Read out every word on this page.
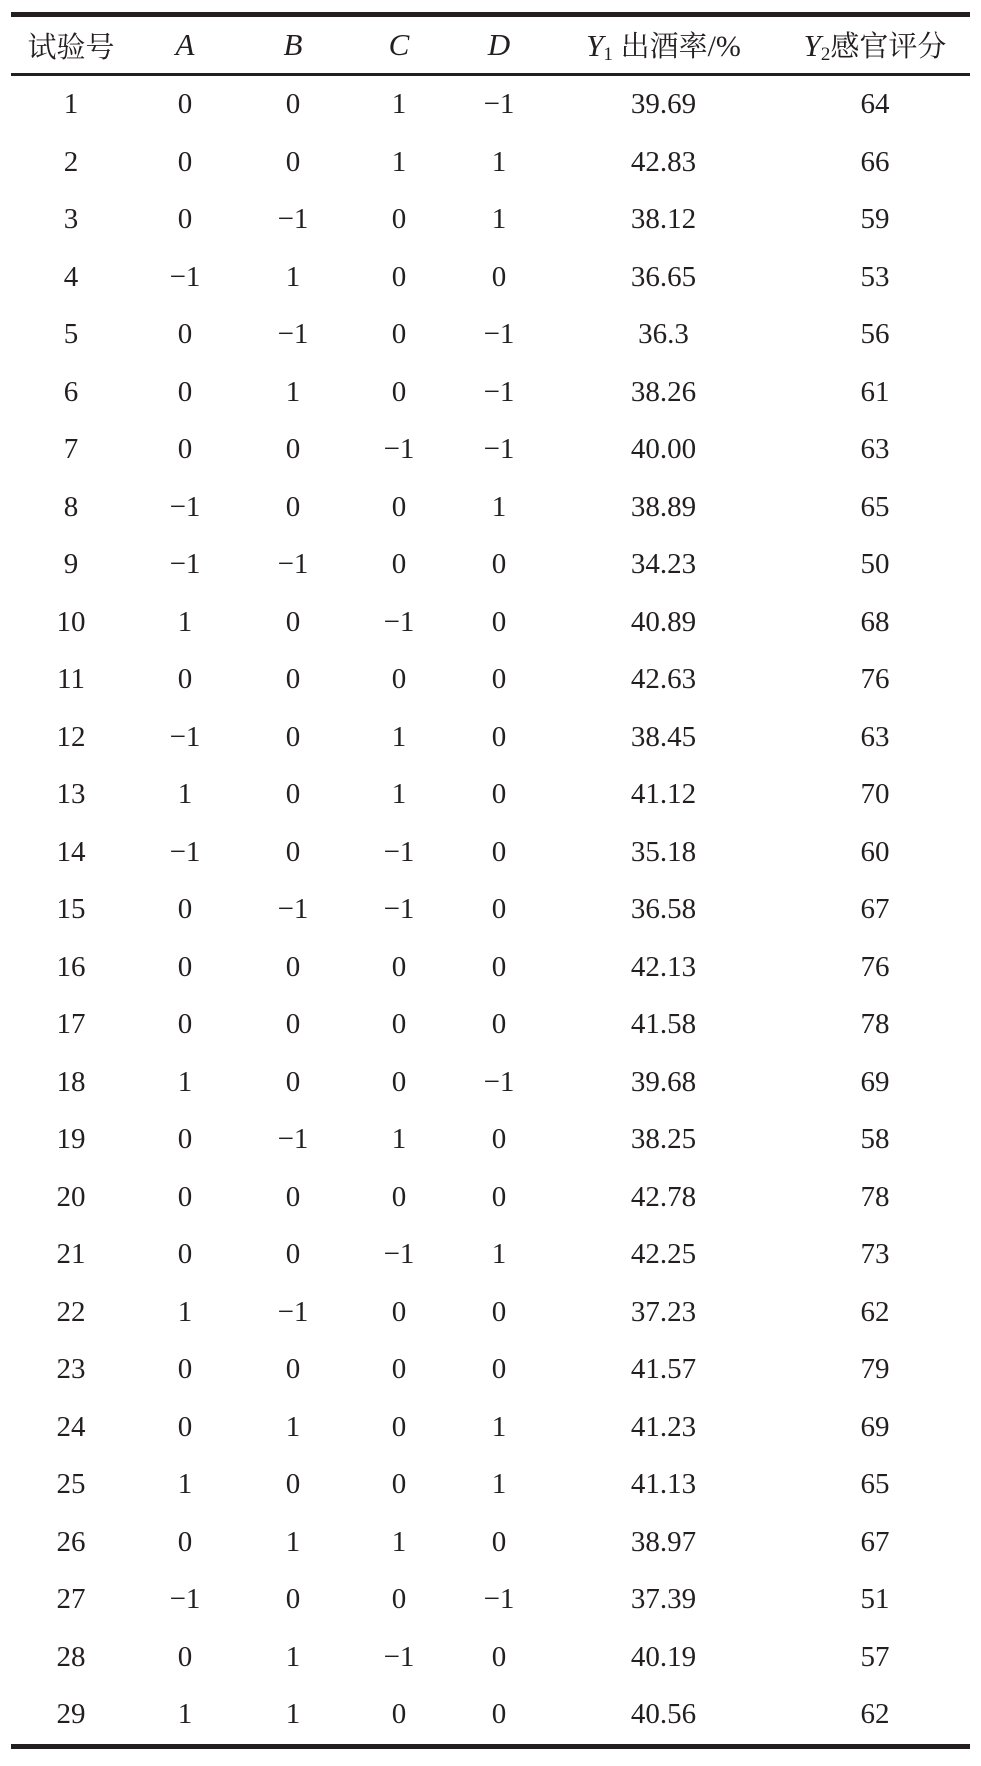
试验号	A	B	C	D	$Y_1$ 出酒率/%	$Y_2$感官评分
1	0	0	1	−1	39.69	64
2	0	0	1	1	42.83	66
3	0	−1	0	1	38.12	59
4	−1	1	0	0	36.65	53
5	0	−1	0	−1	36.3	56
6	0	1	0	−1	38.26	61
7	0	0	−1	−1	40.00	63
8	−1	0	0	1	38.89	65
9	−1	−1	0	0	34.23	50
10	1	0	−1	0	40.89	68
11	0	0	0	0	42.63	76
12	−1	0	1	0	38.45	63
13	1	0	1	0	41.12	70
14	−1	0	−1	0	35.18	60
15	0	−1	−1	0	36.58	67
16	0	0	0	0	42.13	76
17	0	0	0	0	41.58	78
18	1	0	0	−1	39.68	69
19	0	−1	1	0	38.25	58
20	0	0	0	0	42.78	78
21	0	0	−1	1	42.25	73
22	1	−1	0	0	37.23	62
23	0	0	0	0	41.57	79
24	0	1	0	1	41.23	69
25	1	0	0	1	41.13	65
26	0	1	1	0	38.97	67
27	−1	0	0	−1	37.39	51
28	0	1	−1	0	40.19	57
29	1	1	0	0	40.56	62
